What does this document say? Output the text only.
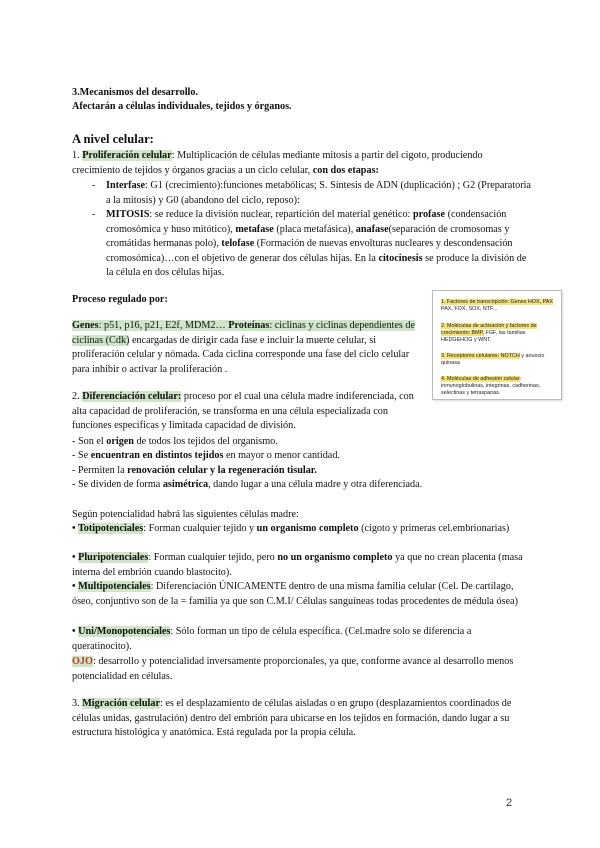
3.Mecanismos del desarrollo.
Afectarán a células individuales, tejidos y órganos.
A nivel celular:
1. Proliferación celular: Multiplicación de células mediante mitosis a partir del cigoto, produciendo crecimiento de tejidos y órganos gracias a un ciclo celular, con dos etapas:
- Interfase: G1 (crecimiento):funciones metabólicas; S. Síntesis de ADN (duplicación) ; G2 (Preparatoria a la mitosis) y G0 (abandono del ciclo, reposo):
- MITOSIS: se reduce la división nuclear, repartición del material genético: profase (condensación cromosómica y huso mitótico), metafase (placa metafásica), anafase(separación de cromosomas y cromátidas hermanas polo), telofase (Formación de nuevas envolturas nucleares y descondensación cromosómica)…con el objetivo de generar dos células hijas. En la citocinesis se produce la división de la célula en dos células hijas.
Proceso regulado por:
Genes: p51, p16, p21, E2f, MDM2… Proteínas: ciclinas y ciclinas dependientes de ciclinas (Cdk) encargadas de dirigir cada fase e incluir la muerte celular, si proliferación celular y nómada. Cada ciclina corresponde una fase del ciclo celular para inhibir o activar la proliferación .
1. Factores de transcripción: Genes HOX, PAX
PAX, FOX, SOX, NTF...
2. Moléculas de activación y factores de crecimiento: BMP, FGF, las familias HEDGEHOG y WNT.
3. Receptores celulares: NOTCH y anuncio quinasa
4. Moléculas de adhesión celular: inmunoglobulinas, integrinas, cadherinas, selectinas y tetraspanas.
2. Diferenciación celular: proceso por el cual una célula madre indiferenciada, con alta capacidad de proliferación, se transforma en una célula especializada con funciones específicas y limitada capacidad de división.
- Son el origen de todos los tejidos del organismo.
- Se encuentran en distintos tejidos en mayor o menor cantidad.
- Permiten la renovación celular y la regeneración tisular.
- Se dividen de forma asimétrica, dando lugar a una célula madre y otra diferenciada.
Según potencialidad habrá las siguientes células madre:
• Totipotenciales: Forman cualquier tejido y un organismo completo (cigoto y primeras cel.embrionarias)
• Pluripotenciales: Forman cualquier tejido, pero no un organismo completo ya que no crean placenta (masa interna del embrión cuando blastocito).
• Multipotenciales: Diferenciación ÚNICAMENTE dentro de una misma familia celular (Cel. De cartílago, óseo, conjuntivo son de la = familia ya que son C.M.I/ Células sanguíneas todas procedentes de médula ósea)
• Uni/Monopotenciales: Sólo forman un tipo de célula específica. (Cel.madre solo se diferencia a queratinocito).
OJO: desarrollo y potencialidad inversamente proporcionales, ya que, conforme avance al desarrollo menos potencialidad en células.
3. Migración celular: es el desplazamiento de células aisladas o en grupo (desplazamientos coordinados de células unidas, gastrulación) dentro del embrión para ubicarse en los tejidos en formación, dando lugar a su estructura histológica y anatómica. Está regulada por la propia célula.
2
